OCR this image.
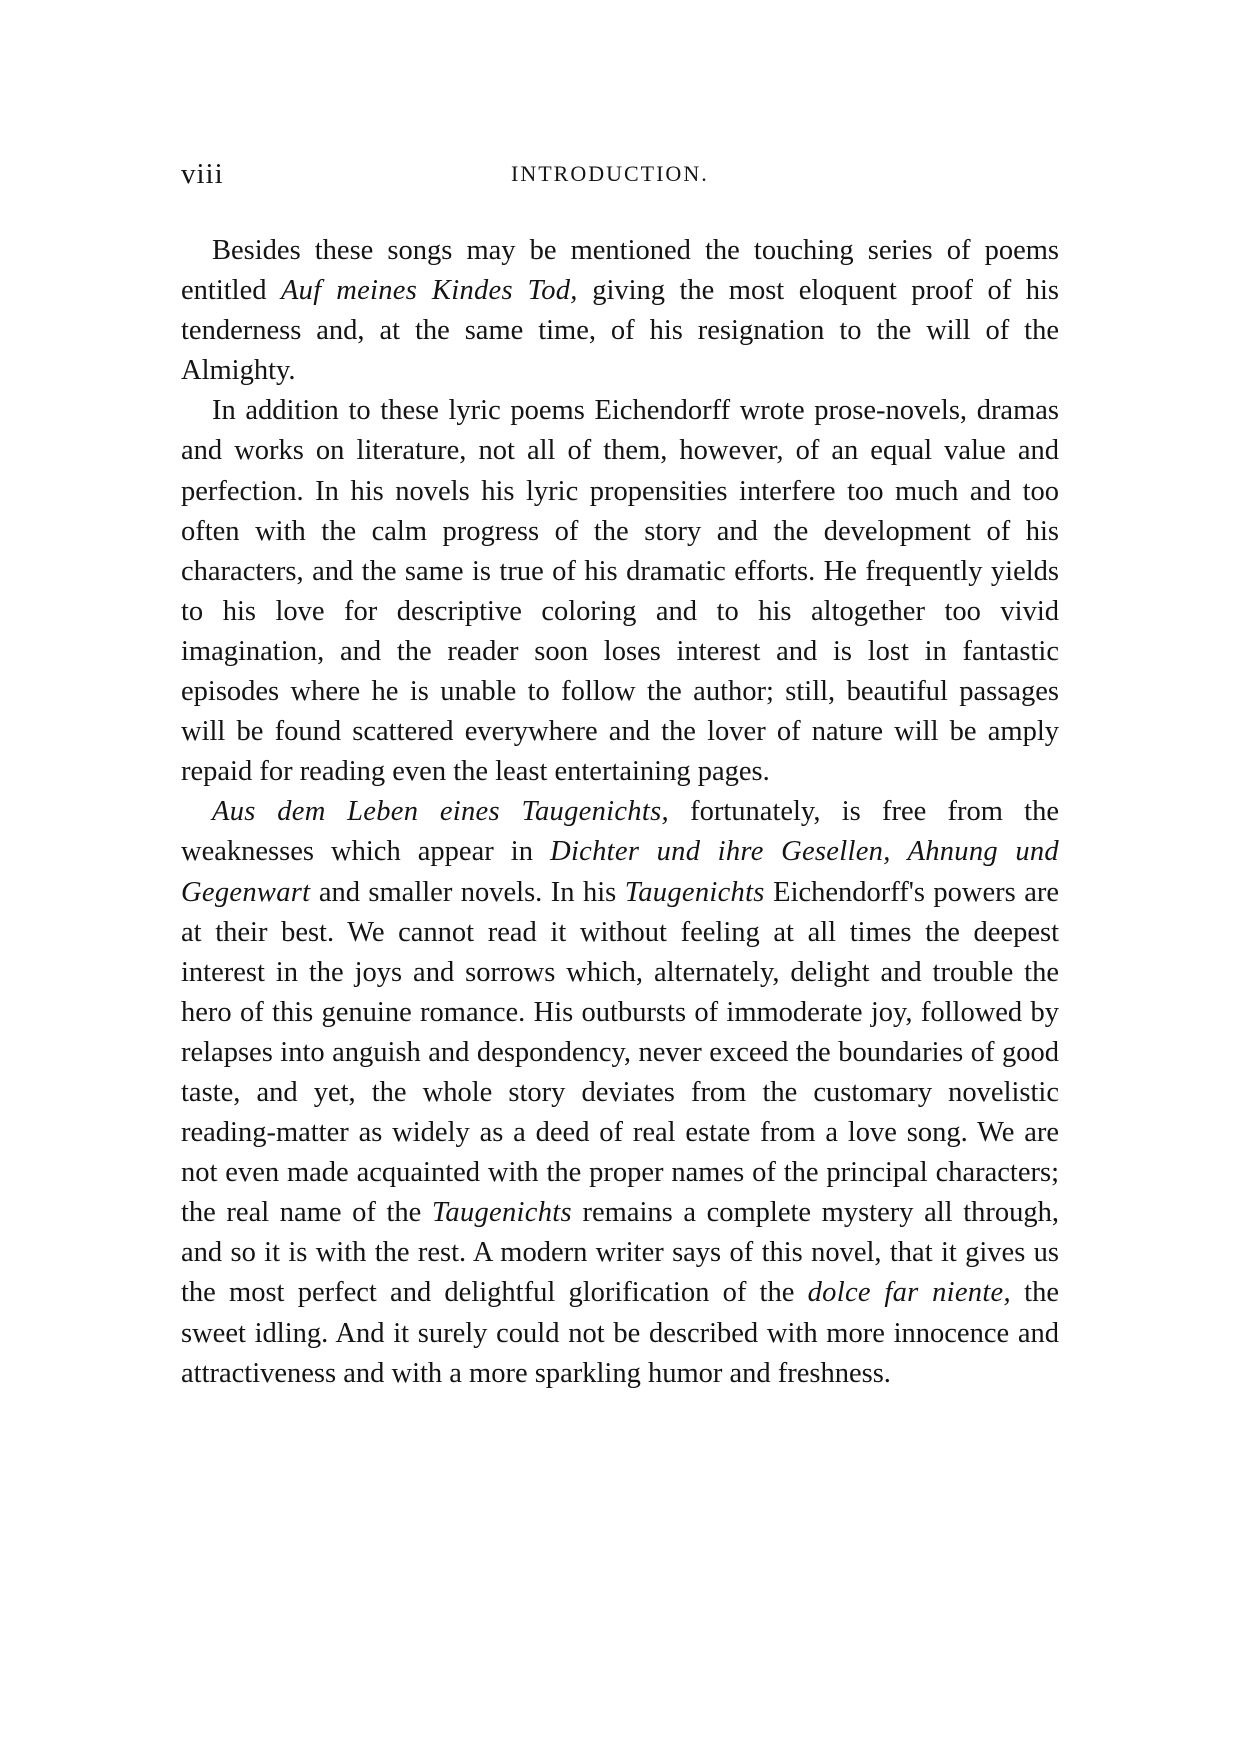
viii	INTRODUCTION.

Besides these songs may be mentioned the touching series of poems entitled Auf meines Kindes Tod, giving the most eloquent proof of his tenderness and, at the same time, of his resignation to the will of the Almighty.

In addition to these lyric poems Eichendorff wrote prose-novels, dramas and works on literature, not all of them, however, of an equal value and perfection. In his novels his lyric propensities interfere too much and too often with the calm progress of the story and the development of his characters, and the same is true of his dramatic efforts. He frequently yields to his love for descriptive coloring and to his altogether too vivid imagination, and the reader soon loses interest and is lost in fantastic episodes where he is unable to follow the author; still, beautiful passages will be found scattered everywhere and the lover of nature will be amply repaid for reading even the least entertaining pages.

Aus dem Leben eines Taugenichts, fortunately, is free from the weaknesses which appear in Dichter und ihre Gesellen, Ahnung und Gegenwart and smaller novels. In his Taugenichts Eichendorff's powers are at their best. We cannot read it without feeling at all times the deepest interest in the joys and sorrows which, alternately, delight and trouble the hero of this genuine romance. His outbursts of immoderate joy, followed by relapses into anguish and despondency, never exceed the boundaries of good taste, and yet, the whole story deviates from the customary novelistic reading-matter as widely as a deed of real estate from a love song. We are not even made acquainted with the proper names of the principal characters; the real name of the Taugenichts remains a complete mystery all through, and so it is with the rest. A modern writer says of this novel, that it gives us the most perfect and delightful glorification of the dolce far niente, the sweet idling. And it surely could not be described with more innocence and attractiveness and with a more sparkling humor and freshness.
